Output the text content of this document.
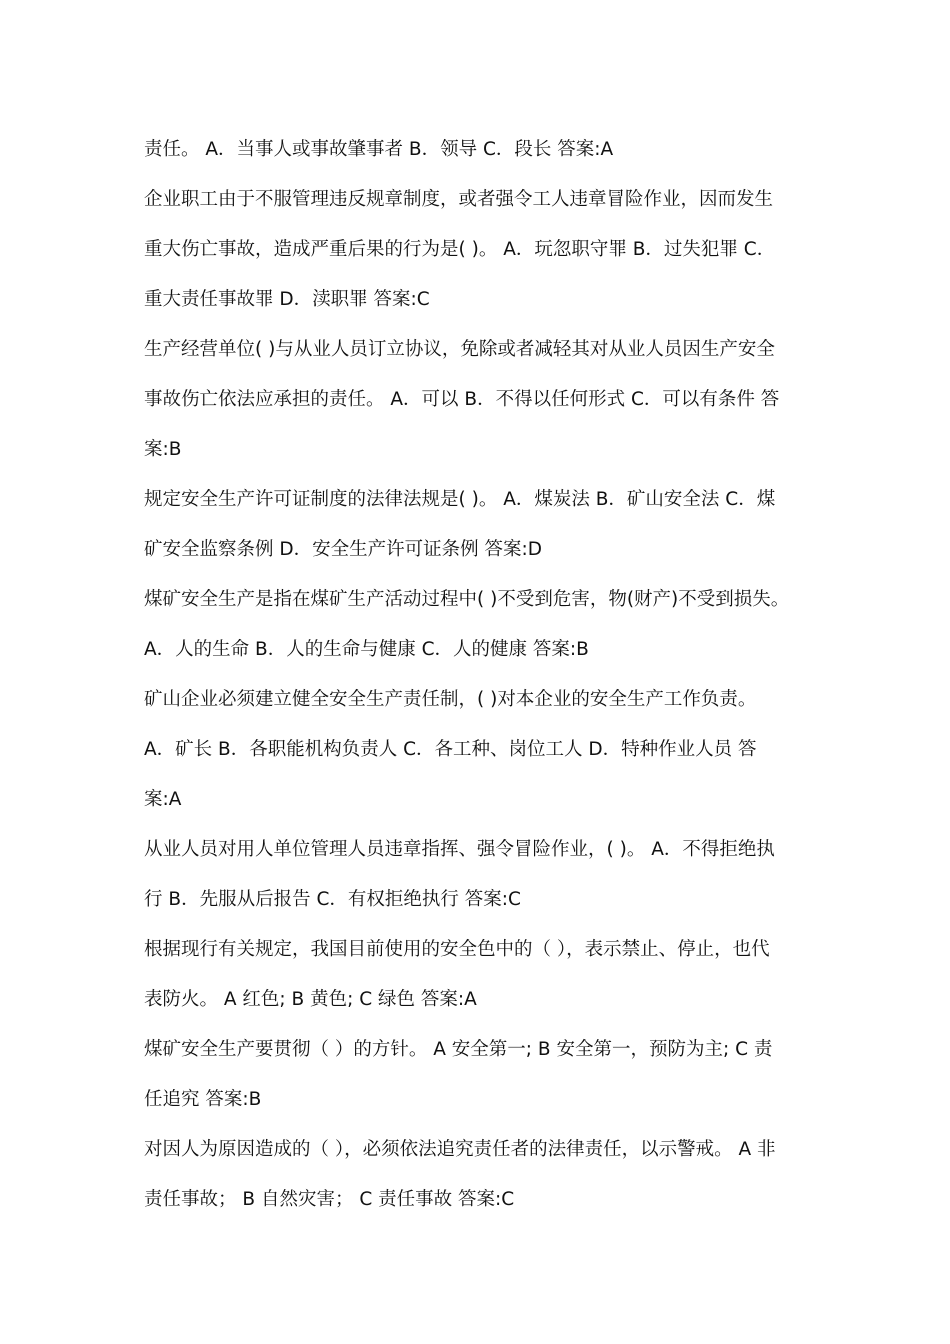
责任。 A．当事人或事故肇事者 B．领导 C．段长 答案:A
企业职工由于不服管理违反规章制度，或者强令工人违章冒险作业，因而发生
重大伤亡事故，造成严重后果的行为是( )。 A．玩忽职守罪 B．过失犯罪 C．
重大责任事故罪 D．渎职罪 答案:C
生产经营单位( )与从业人员订立协议，免除或者减轻其对从业人员因生产安全
事故伤亡依法应承担的责任。 A．可以 B．不得以任何形式 C．可以有条件 答
案:B
规定安全生产许可证制度的法律法规是( )。 A．煤炭法 B．矿山安全法 C．煤
矿安全监察条例 D．安全生产许可证条例 答案:D
煤矿安全生产是指在煤矿生产活动过程中( )不受到危害，物(财产)不受到损失。
A．人的生命 B．人的生命与健康 C．人的健康 答案:B
矿山企业必须建立健全安全生产责任制，( )对本企业的安全生产工作负责。
A．矿长 B．各职能机构负责人 C．各工种、岗位工人 D．特种作业人员 答
案:A
从业人员对用人单位管理人员违章指挥、强令冒险作业，( )。 A．不得拒绝执
行 B．先服从后报告 C．有权拒绝执行 答案:C
根据现行有关规定，我国目前使用的安全色中的（ ），表示禁止、停止，也代
表防火。 A 红色; B 黄色; C 绿色 答案:A
煤矿安全生产要贯彻（ ）的方针。 A 安全第一; B 安全第一，预防为主; C 责
任追究 答案:B
对因人为原因造成的（ ），必须依法追究责任者的法律责任，以示警戒。 A 非
责任事故； B 自然灾害； C 责任事故 答案:C
